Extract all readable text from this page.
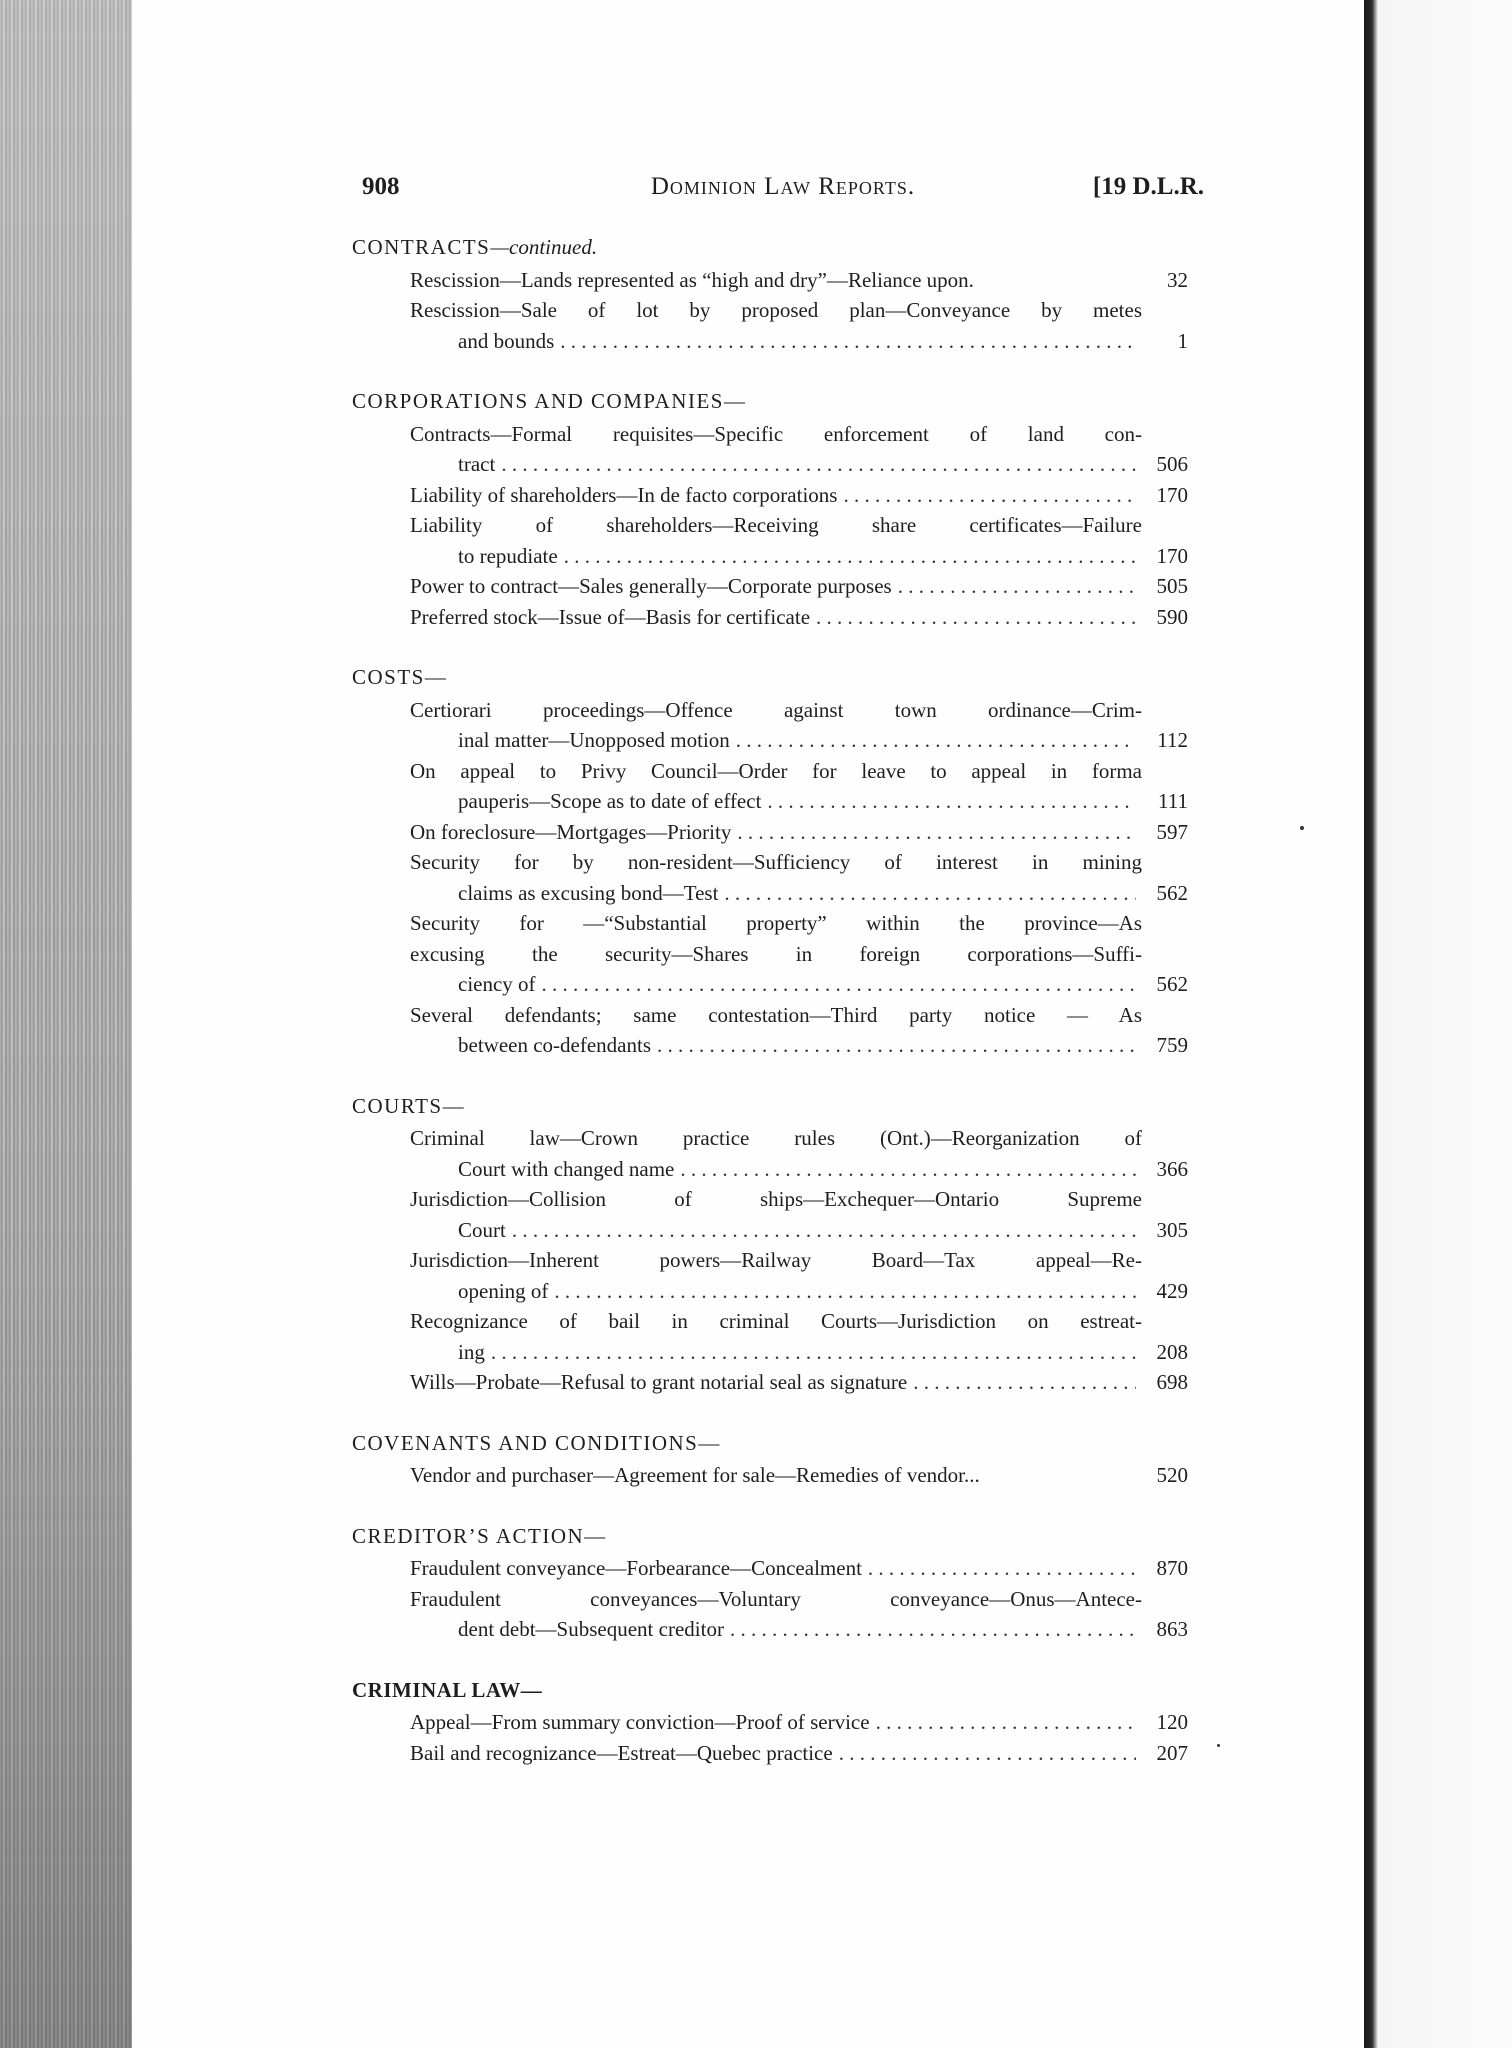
908	Dominion Law Reports.	[19 D.L.R.
CONTRACTS—continued.
Rescission—Lands represented as “high and dry”—Reliance upon.	32
Rescission—Sale of lot by proposed plan—Conveyance by metes
and bounds . . .	1
CORPORATIONS AND COMPANIES—
Contracts—Formal requisites—Specific enforcement of land con-
tract . . .	506
Liability of shareholders—In de facto corporations . . .	170
Liability of shareholders—Receiving share certificates—Failure
to repudiate . . .	170
Power to contract—Sales generally—Corporate purposes . . .	505
Preferred stock—Issue of—Basis for certificate . . .	590
COSTS—
Certiorari proceedings—Offence against town ordinance—Crim-
inal matter—Unopposed motion . . .	112
On appeal to Privy Council—Order for leave to appeal in forma
pauperis—Scope as to date of effect . . .	111
On foreclosure—Mortgages—Priority . . .	597
Security for by non-resident—Sufficiency of interest in mining
claims as excusing bond—Test . . .	562
Security for —“Substantial property” within the province—As
excusing the security—Shares in foreign corporations—Suffi-
ciency of . . .	562
Several defendants; same contestation—Third party notice — As
between co-defendants . . .	759
COURTS—
Criminal law—Crown practice rules (Ont.)—Reorganization of
Court with changed name . . .	366
Jurisdiction—Collision of ships—Exchequer—Ontario Supreme
Court . . .	305
Jurisdiction—Inherent powers—Railway Board—Tax appeal—Re-
opening of . . .	429
Recognizance of bail in criminal Courts—Jurisdiction on estreat-
ing . . .	208
Wills—Probate—Refusal to grant notarial seal as signature . . .	698
COVENANTS AND CONDITIONS—
Vendor and purchaser—Agreement for sale—Remedies of vendor...	520
CREDITOR’S ACTION—
Fraudulent conveyance—Forbearance—Concealment . . .	870
Fraudulent conveyances—Voluntary conveyance—Onus—Antece-
dent debt—Subsequent creditor . . .	863
CRIMINAL LAW—
Appeal—From summary conviction—Proof of service . . .	120
Bail and recognizance—Estreat—Quebec practice . . .	207
